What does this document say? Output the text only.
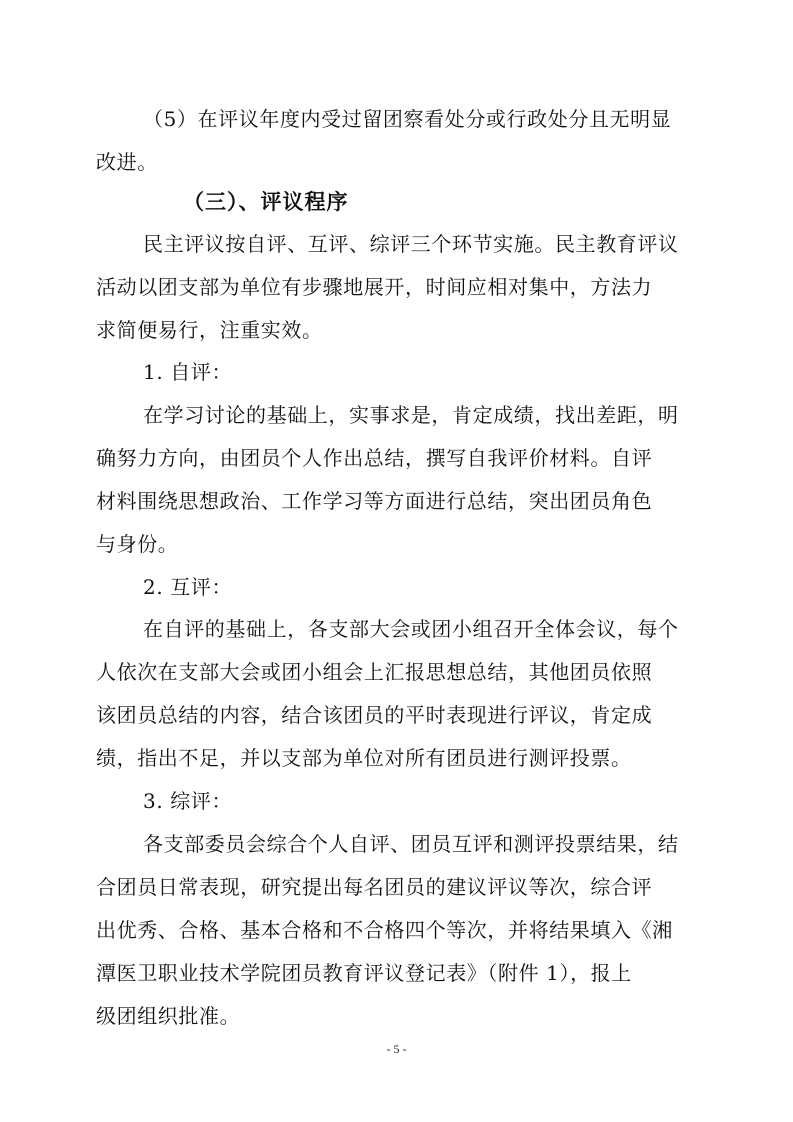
（5）在评议年度内受过留团察看处分或行政处分且无明显
改进。
（三）、评议程序
民主评议按自评、互评、综评三个环节实施。民主教育评议
活动以团支部为单位有步骤地展开，时间应相对集中，方法力
求简便易行，注重实效。
1. 自评：
在学习讨论的基础上，实事求是，肯定成绩，找出差距，明
确努力方向，由团员个人作出总结，撰写自我评价材料。自评
材料围绕思想政治、工作学习等方面进行总结，突出团员角色
与身份。
2. 互评：
在自评的基础上，各支部大会或团小组召开全体会议，每个
人依次在支部大会或团小组会上汇报思想总结，其他团员依照
该团员总结的内容，结合该团员的平时表现进行评议，肯定成
绩，指出不足，并以支部为单位对所有团员进行测评投票。
3. 综评：
各支部委员会综合个人自评、团员互评和测评投票结果，结
合团员日常表现，研究提出每名团员的建议评议等次，综合评
出优秀、合格、基本合格和不合格四个等次，并将结果填入《湘
潭医卫职业技术学院团员教育评议登记表》（附件 1），报上
级团组织批准。
- 5 -
